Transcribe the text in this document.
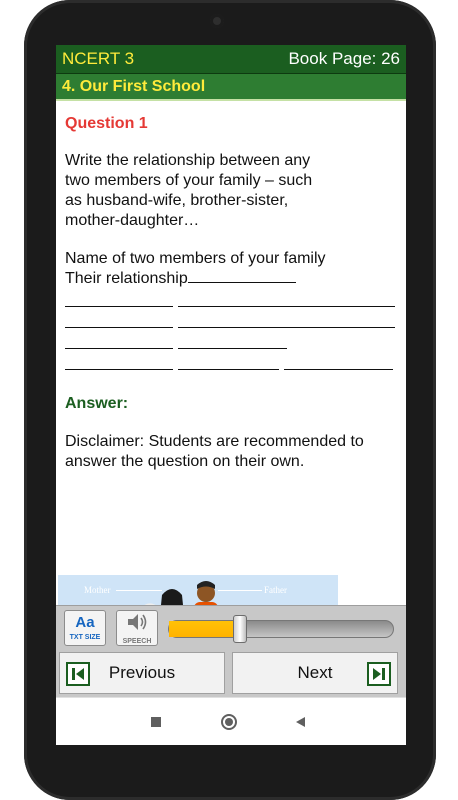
NCERT 3	Book Page: 26
4. Our First School
Question 1
Write the relationship between any
two members of your family – such
as husband-wife, brother-sister,
mother-daughter…
Name of two members of your family
Their relationship
Answer:
Disclaimer: Students are recommended to answer the question on their own.
Mother	Father
Aa
TXT SIZE
SPEECH
Previous	Next
